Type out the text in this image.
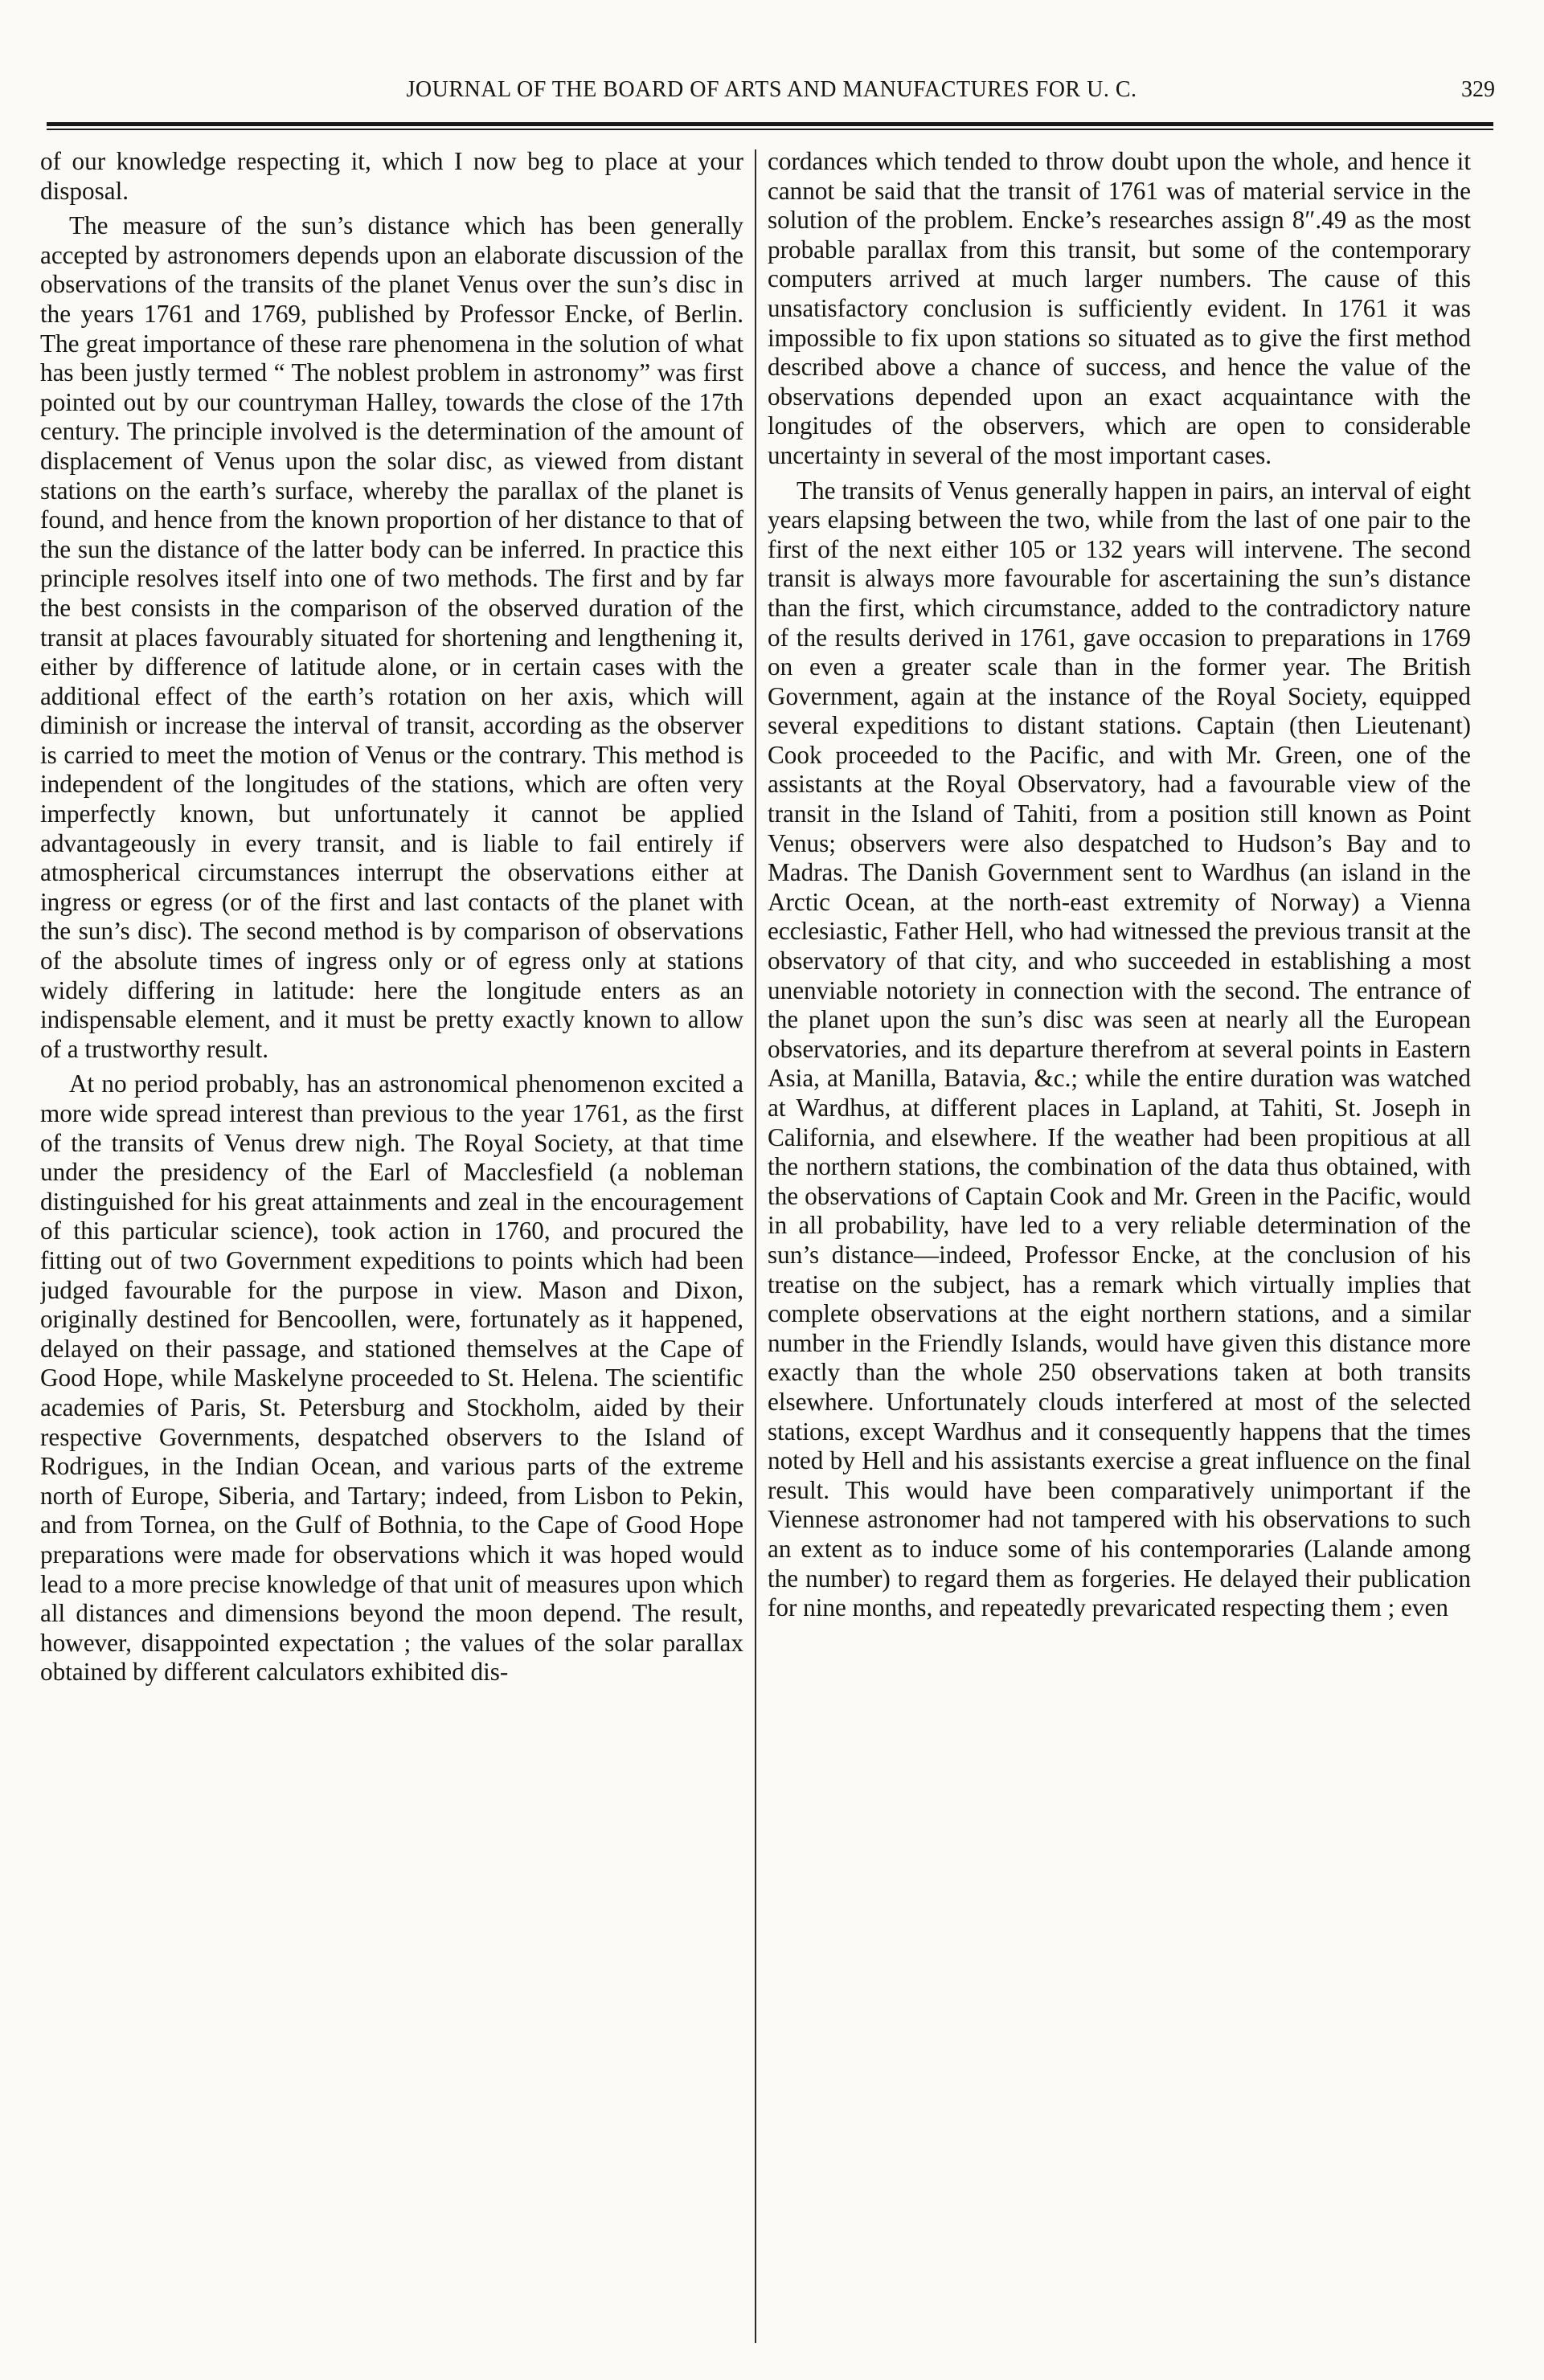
JOURNAL OF THE BOARD OF ARTS AND MANUFACTURES FOR U. C.	329

of our knowledge respecting it, which I now beg to place at your disposal.

The measure of the sun’s distance which has been generally accepted by astronomers depends upon an elaborate discussion of the observations of the transits of the planet Venus over the sun’s disc in the years 1761 and 1769, published by Professor Encke, of Berlin. The great importance of these rare phenomena in the solution of what has been justly termed “ The noblest problem in astronomy” was first pointed out by our countryman Halley, towards the close of the 17th century. The principle involved is the determination of the amount of displacement of Venus upon the solar disc, as viewed from distant stations on the earth’s surface, whereby the parallax of the planet is found, and hence from the known proportion of her distance to that of the sun the distance of the latter body can be inferred. In practice this principle resolves itself into one of two methods. The first and by far the best consists in the comparison of the observed duration of the transit at places favourably situated for shortening and lengthening it, either by difference of latitude alone, or in certain cases with the additional effect of the earth’s rotation on her axis, which will diminish or increase the interval of transit, according as the observer is carried to meet the motion of Venus or the contrary. This method is independent of the longitudes of the stations, which are often very imperfectly known, but unfortunately it cannot be applied advantageously in every transit, and is liable to fail entirely if atmospherical circumstances interrupt the observations either at ingress or egress (or of the first and last contacts of the planet with the sun’s disc). The second method is by comparison of observations of the absolute times of ingress only or of egress only at stations widely differing in latitude: here the longitude enters as an indispensable element, and it must be pretty exactly known to allow of a trustworthy result.

At no period probably, has an astronomical phenomenon excited a more wide spread interest than previous to the year 1761, as the first of the transits of Venus drew nigh. The Royal Society, at that time under the presidency of the Earl of Macclesfield (a nobleman distinguished for his great attainments and zeal in the encouragement of this particular science), took action in 1760, and procured the fitting out of two Government expeditions to points which had been judged favourable for the purpose in view. Mason and Dixon, originally destined for Bencoollen, were, fortunately as it happened, delayed on their passage, and stationed themselves at the Cape of Good Hope, while Maskelyne proceeded to St. Helena. The scientific academies of Paris, St. Petersburg and Stockholm, aided by their respective Governments, despatched observers to the Island of Rodrigues, in the Indian Ocean, and various parts of the extreme north of Europe, Siberia, and Tartary; indeed, from Lisbon to Pekin, and from Tornea, on the Gulf of Bothnia, to the Cape of Good Hope preparations were made for observations which it was hoped would lead to a more precise knowledge of that unit of measures upon which all distances and dimensions beyond the moon depend. The result, however, disappointed expectation ; the values of the solar parallax obtained by different calculators exhibited dis-

cordances which tended to throw doubt upon the whole, and hence it cannot be said that the transit of 1761 was of material service in the solution of the problem. Encke’s researches assign 8″.49 as the most probable parallax from this transit, but some of the contemporary computers arrived at much larger numbers. The cause of this unsatisfactory conclusion is sufficiently evident. In 1761 it was impossible to fix upon stations so situated as to give the first method described above a chance of success, and hence the value of the observations depended upon an exact acquaintance with the longitudes of the observers, which are open to considerable uncertainty in several of the most important cases.

The transits of Venus generally happen in pairs, an interval of eight years elapsing between the two, while from the last of one pair to the first of the next either 105 or 132 years will intervene. The second transit is always more favourable for ascertaining the sun’s distance than the first, which circumstance, added to the contradictory nature of the results derived in 1761, gave occasion to preparations in 1769 on even a greater scale than in the former year. The British Government, again at the instance of the Royal Society, equipped several expeditions to distant stations. Captain (then Lieutenant) Cook proceeded to the Pacific, and with Mr. Green, one of the assistants at the Royal Observatory, had a favourable view of the transit in the Island of Tahiti, from a position still known as Point Venus; observers were also despatched to Hudson’s Bay and to Madras. The Danish Government sent to Wardhus (an island in the Arctic Ocean, at the north-east extremity of Norway) a Vienna ecclesiastic, Father Hell, who had witnessed the previous transit at the observatory of that city, and who succeeded in establishing a most unenviable notoriety in connection with the second. The entrance of the planet upon the sun’s disc was seen at nearly all the European observatories, and its departure therefrom at several points in Eastern Asia, at Manilla, Batavia, &c.; while the entire duration was watched at Wardhus, at different places in Lapland, at Tahiti, St. Joseph in California, and elsewhere. If the weather had been propitious at all the northern stations, the combination of the data thus obtained, with the observations of Captain Cook and Mr. Green in the Pacific, would in all probability, have led to a very reliable determination of the sun’s distance—indeed, Professor Encke, at the conclusion of his treatise on the subject, has a remark which virtually implies that complete observations at the eight northern stations, and a similar number in the Friendly Islands, would have given this distance more exactly than the whole 250 observations taken at both transits elsewhere. Unfortunately clouds interfered at most of the selected stations, except Wardhus and it consequently happens that the times noted by Hell and his assistants exercise a great influence on the final result. This would have been comparatively unimportant if the Viennese astronomer had not tampered with his observations to such an extent as to induce some of his contemporaries (Lalande among the number) to regard them as forgeries. He delayed their publication for nine months, and repeatedly prevaricated respecting them ; even
